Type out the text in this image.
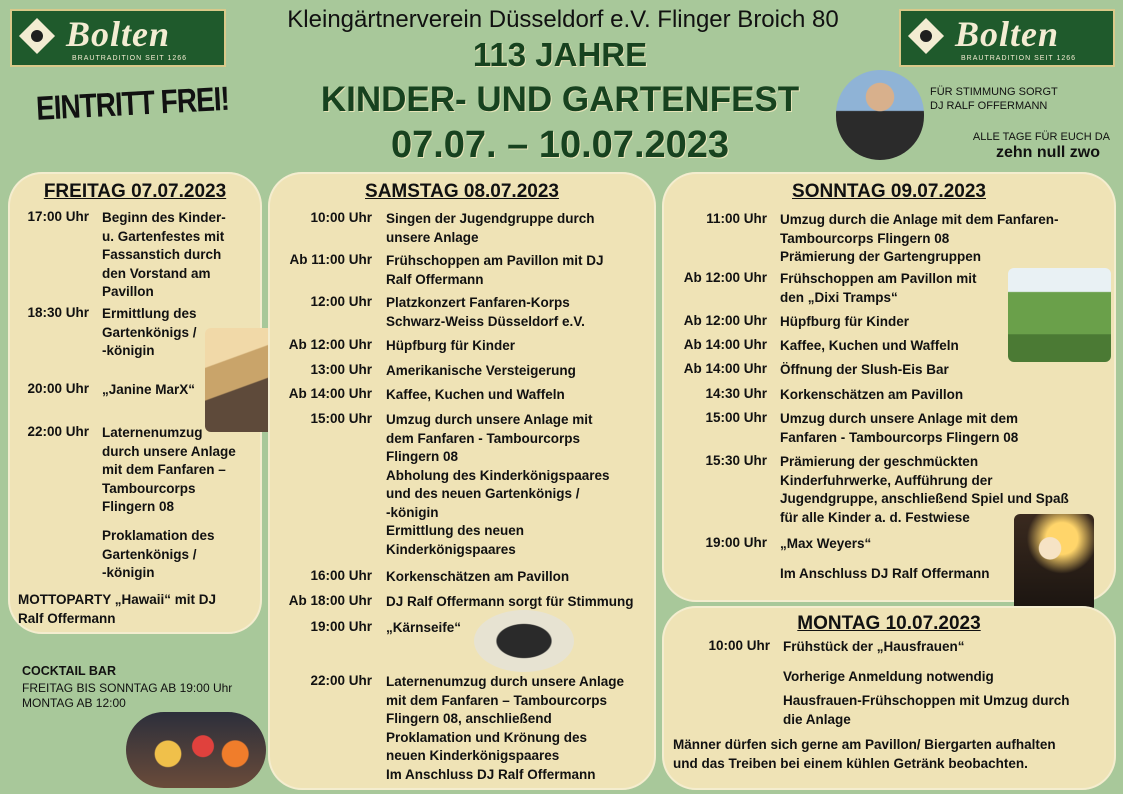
Bolten
BRAUTRADITION SEIT 1266
Bolten
BRAUTRADITION SEIT 1266
Kleingärtnerverein Düsseldorf e.V. Flinger Broich 80
113 JAHRE
KINDER- UND GARTENFEST
07.07. – 10.07.2023
EINTRITT FREI!	FÜR STIMMUNG SORGT
DJ RALF OFFERMANN
ALLE TAGE FÜR EUCH DA
zehn null zwo
FREITAG 07.07.2023
17:00 Uhr Beginn des Kinder-
u. Gartenfestes mit
Fassanstich durch
den Vorstand am
Pavillon
18:30 Uhr Ermittlung des
Gartenkönigs /
-königin
20:00 Uhr „Janine MarX“
22:00 Uhr Laternenumzug
durch unsere Anlage
mit dem Fanfaren –
Tambourcorps
Flingern 08
Proklamation des
Gartenkönigs /
-königin
MOTTOPARTY „Hawaii“ mit DJ
Ralf Offermann
COCKTAIL BAR
FREITAG BIS SONNTAG AB 19:00 Uhr
MONTAG AB 12:00
SAMSTAG 08.07.2023
10:00 Uhr Singen der Jugendgruppe durch
unsere Anlage
Ab 11:00 Uhr Frühschoppen am Pavillon mit DJ
Ralf Offermann
12:00 Uhr Platzkonzert Fanfaren-Korps
Schwarz-Weiss Düsseldorf e.V.
Ab 12:00 Uhr Hüpfburg für Kinder
13:00 Uhr Amerikanische Versteigerung
Ab 14:00 Uhr Kaffee, Kuchen und Waffeln
15:00 Uhr Umzug durch unsere Anlage mit
dem Fanfaren - Tambourcorps
Flingern 08
Abholung des Kinderkönigspaares
und des neuen Gartenkönigs /
-königin
Ermittlung des neuen
Kinderkönigspaares
16:00 Uhr Korkenschätzen am Pavillon
Ab 18:00 Uhr DJ Ralf Offermann sorgt für Stimmung
19:00 Uhr „Kärnseife“
22:00 Uhr Laternenumzug durch unsere Anlage
mit dem Fanfaren – Tambourcorps
Flingern 08, anschließend
Proklamation und Krönung des
neuen Kinderkönigspaares
Im Anschluss DJ Ralf Offermann
SONNTAG 09.07.2023
11:00 Uhr Umzug durch die Anlage mit dem Fanfaren-
Tambourcorps Flingern 08
Prämierung der Gartengruppen
Ab 12:00 Uhr Frühschoppen am Pavillon mit
den „Dixi Tramps“
Ab 12:00 Uhr Hüpfburg für Kinder
Ab 14:00 Uhr Kaffee, Kuchen und Waffeln
Ab 14:00 Uhr Öffnung der Slush-Eis Bar
14:30 Uhr Korkenschätzen am Pavillon
15:00 Uhr Umzug durch unsere Anlage mit dem
Fanfaren - Tambourcorps Flingern 08
15:30 Uhr Prämierung der geschmückten
Kinderfuhrwerke, Aufführung der
Jugendgruppe, anschließend Spiel und Spaß
für alle Kinder a. d. Festwiese
19:00 Uhr „Max Weyers“
Im Anschluss DJ Ralf Offermann
MONTAG 10.07.2023
10:00 Uhr Frühstück der „Hausfrauen“
Vorherige Anmeldung notwendig
Hausfrauen-Frühschoppen mit Umzug durch
die Anlage
Männer dürfen sich gerne am Pavillon/ Biergarten aufhalten
und das Treiben bei einem kühlen Getränk beobachten.
